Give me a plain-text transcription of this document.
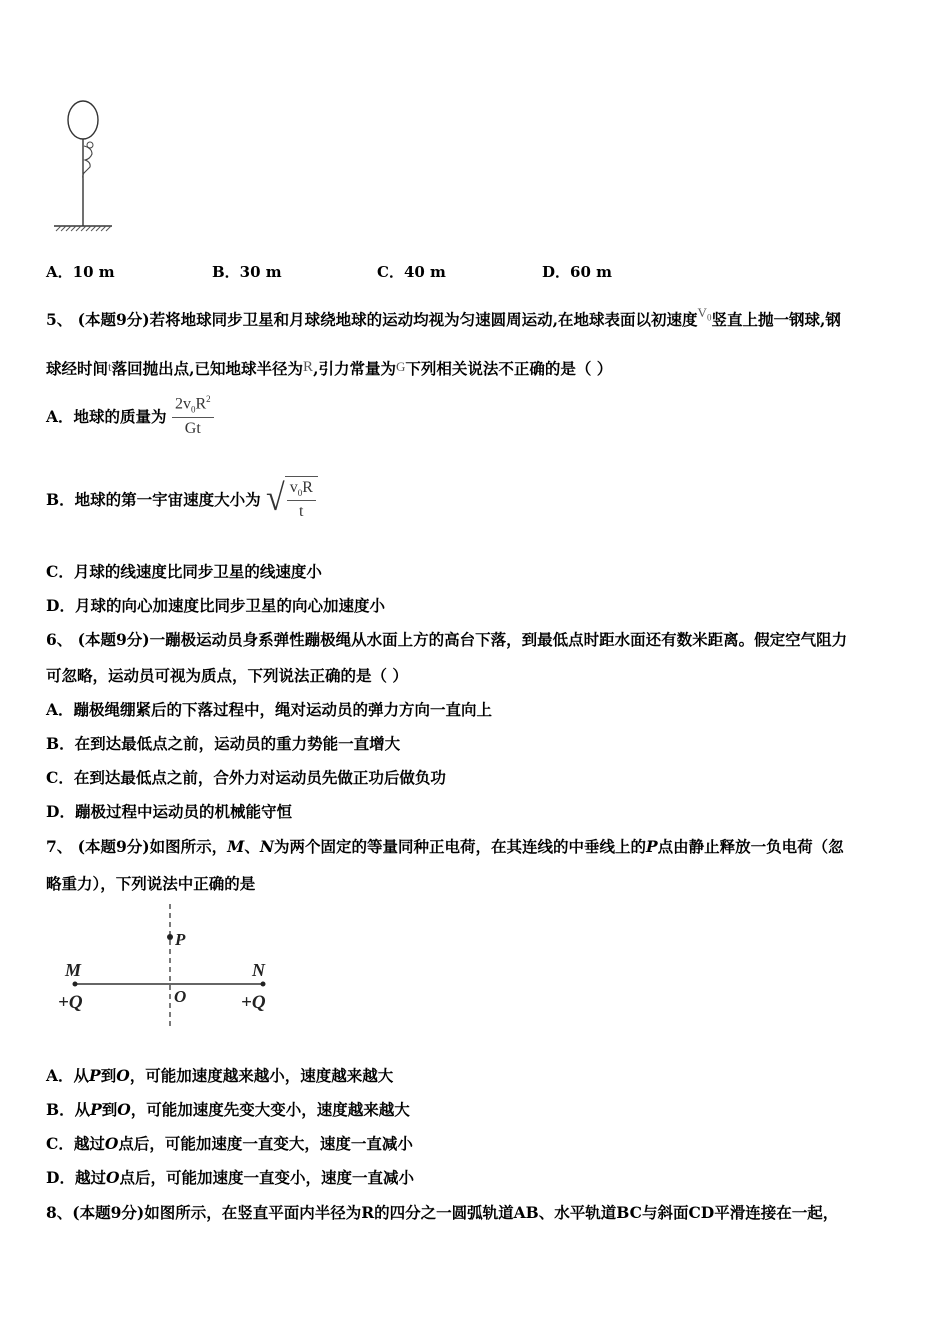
A．10 m	B．30 m	C．40 m	D．60 m
5、 (本题9分)若将地球同步卫星和月球绕地球的运动均视为匀速圆周运动,在地球表面以初速度$^{V_0}$竖直上抛一钢球,钢
球经时间t落回抛出点,已知地球半径为R,引力常量为G下列相关说法不正确的是（ ）
A．地球的质量为 $\frac{2v_0R^2}{Gt}$
B．地球的第一宇宙速度大小为 √ $\frac{v_0R}{t}$
C．月球的线速度比同步卫星的线速度小
D．月球的向心加速度比同步卫星的向心加速度小
6、 (本题9分)一蹦极运动员身系弹性蹦极绳从水面上方的高台下落，到最低点时距水面还有数米距离。假定空气阻力
可忽略，运动员可视为质点，下列说法正确的是（ ）
A．蹦极绳绷紧后的下落过程中，绳对运动员的弹力方向一直向上
B．在到达最低点之前，运动员的重力势能一直增大
C．在到达最低点之前，合外力对运动员先做正功后做负功
D．蹦极过程中运动员的机械能守恒
7、 (本题9分)如图所示，M、N为两个固定的等量同种正电荷，在其连线的中垂线上的P点由静止释放一负电荷（忽
略重力），下列说法中正确的是
P
M	N
O
+Q	+Q
A．从P到O，可能加速度越来越小，速度越来越大
B．从P到O，可能加速度先变大变小，速度越来越大
C．越过O点后，可能加速度一直变大，速度一直减小
D．越过O点后，可能加速度一直变小，速度一直减小
8、(本题9分)如图所示，在竖直平面内半径为R的四分之一圆弧轨道AB、水平轨道BC与斜面CD平滑连接在一起，
